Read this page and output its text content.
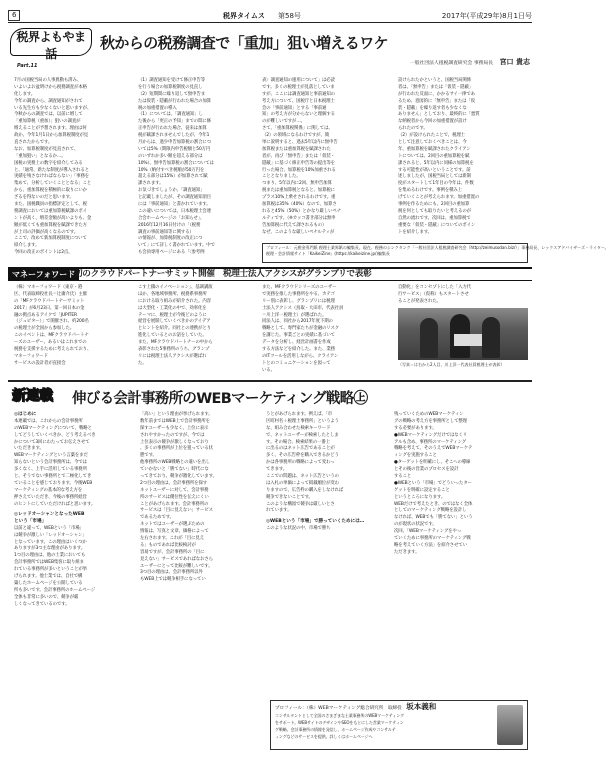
6	税界タイムス 第58号	2017年(平成29年)8月1日号
税界よもやま話
Part.11
秋からの税務調査で「重加」狙い増えるワケ
一般社団法人租税調査研究会 事務局長 宮口 貴志
7月の国税当局の人事異動も済み、
いよいよお盆明けから税務調査が本格
化します。
今年の調査から、調査通知がされて
いる先生方も少なくないと思いますが、
今秋からの調査では、以前に増して
「重加算税（重加）」狙いの調査が
増えることが予想されます。理由は何
故か。今年1月1日から加算税制度が見
直されたからです。
なお、加算税制度が見直されて、
「重加狙い」となるか…。
国税の実務上の数字を紹介してみる
と、「通常、新たな制度が導入されると
実績を残さなければならない」「事務を
集めて、分析していくこととなる」こと
から、重加算税を積極的に取りにいか
ざるを得ないのだと思います。
また、国税職員の指標評定として、税
務調査においては重加算税賦課のポイ
ントが高く、増差金額が高いよりも、金
額が低くても重加算税を賦課できた方
が上司の評価が高くなるのです。
ここで、改めて新加算税制度について
紹介します。
今回の改正のポイントは2点。
（1）調査通知を受けて修正申告等
を行う場合の加算税制度の見直し
（2）短期間に繰り返して無申告ま
たは仮装・隠蔽が行われた場合の加算
税の加重措置の導入
（1）については、「調査通知」し
た後から「更正の予知」までの間に修
正申告が行われた場合、従来は加算
税が賦課されませんでしたが、今年1
月からは、過少申告加算税の割合につ
いては5%（期限内申告税額と50万円
のいずれか多い額を超える部分は
10%）、無申告加算税の割合については
10%（納付すべき税額が50万円を
超える部分は15%）が加算されて賦
課されます。
お気づきでしょうか。「調査通知」
と記載しましたが、その調査通知項目
には「事前通知」と書かれています。
この違いについては、日本税理士会連
合会ホームページの「お知らせ」、
2016年12月16日付けの「（税務
調査の事前通知等に関する）
の情報が、加算税制度の改正につ
いて」にて詳しく書かれています。中で
も会員専用ページにある「〈参考例
表〉調査通知の運用について」は必読
です。多くの税理士が見落としていま
すが、ここには調査通知と事前通知の
考え方について、国税庁と日本税理士
会の「事前通知」とする「事前通
知」の考え方が分からないと理解する
のが難しいですが…。
さて、「重加算税関係」に関しては、
（2）の領域になるわけですが、簡
単に説明すると、過去5年以内に無申告
加算税または重加算税を賦課された
者が、再び「無申告」または「仮装・
隠蔽」に基づく修正申告等の提出等を
行った場合、加算税を10%加重される
こととなりました。
つまり、5年以内に2回、無申告加算
税または重加算税となると、加算税に
プラス10%上乗せされるわけです。重
加算税は35%（40%）なので、加算さ
れると45%（50%）とかなり厳しいペナ
ルティです。（※カッコ書き部分は無申
告加算税に代えて課されるもの）
なぜ、このような厳しいペナルティが
設けられたかというと、国税当局関係
者は、「無申告」または「仮装・隠蔽」
が行われた反面に、かかるサイ一律であ
るため、意図的に「無申告」または「仮
装・隠蔽」を繰り返す者も少なくな
ありません」としており、最終的に「悪質
な納税者から今回の加重措置が設け
られたのです。
（2）が設けられたことで、税理士
として注意しておくべきことは、今
年、重加算税を賦課されたクライアン
トについては、2回目の重加算税を賦
課されると、5年以内に同様の加算税を
する可能性が高いということです。前
述しましたが、国税当局としては新制
度がスタートして1年目の今年は、件数
を集めるわけです。事例を積み上
げていくことが考えられます。加重措置の
事例を作るためにも、2回目の重加算
税を何としても取りたいと考えるのが
自然の流れです。次回は、重加算税で
重要な「仮装・隠蔽」についてのポイン
トを紹介します。
プロフィール：元税金専門紙 税理士業界紙の編集長。現在、税務のシンクタンク「一般社団法人租税調査研究会（http://zeimusodan.biz/）」事務局長、レックスアドバイザーズ・ライター。
税理・会計情報サイト「KaikeiZine」(https://kaikeizine.jp/)編集長
マネーフォワード
初のクラウドパートナーサミット開催　税理士法人アクシスがグランプリで表彰
（株）マネーフォワード（東京・港
区、代表取締役社長＝辻庸介氏）主催
の「MFクラウドパートナーサミット
2017」が6月23日、第一回日本の金
融の拠点あるアイクで「JUPITER
（ジュピター）」で開催され、約200名
の税理士が全国から参加した。
このイベントは、MFクラウドパートナ
ーズのユーザー、あるいはこれまでの
税務を支援するために考えられており、
マネーフォワード
サービスの設計者が直接会
こす上鎖のイノベーション」、基調講演
ほか、各地域事務所、税務系事務所
における取り組みが紹介された。内容
は大型化・工業化の中で、効率化を
テーマに、税理士が今後どのように
経営を展開していくべきかのアイデア
とヒントを紹介。同社との連携がとり
進化しているとのお話をしていた。
また、MFクラウドパートナーの中から
表彰された5事務所のうち、グランプ
リには税理士法人アクシスが選ばれ
た。
また、MFクラウドシリーズのユーザー
で実務を推した事務所をやる、カテゴ
リー別に表彰し、グランプリには税理
士法人アクシス（鳥取・大田市、代表社員
＝川上洋一税理士）が選ばれた。
同法人は、同社から2017年度下期の
戦略として、専門家たちが金融のリスク
を講じた。事業ごとの実績に基づいて
データを分析し、経営計画書を作成
する方法などを紹介した。また、業務
のITツールを活用しながら、クライアン
トとのコミュニケーションを図って
いる。
自動化」をコンセプトにした「入力代
行サービス」（仮称）もスタートさせ
ることが発表された。
（写真＝は右から2人目、川上洋一代表社員税理士が表彰）
新連載 伸びる会計事務所のWEBマーケティング戦略㊤
◎はじめに
本連載では、これからの会計事務所
のWEBマーケティングについて、戦略と
してどうしていくべきか、どう考えるべき
かについて3回にわたってお伝えさせて
いただきます。
WEBマーケティングという言葉をまだ
知らないという会計事務所は、今では
多くなく、上手に活用している事務所
と、そうでない事務所とで二極化してき
ていることを感じております。今後WEB
マーケティングの基本的な考え方を
押さえていただき、今後の事務所経営
のヒントにしていただければと思います。
◎レッドオーシャンとなったWEB
という「市場」
以前と違って、WEBという「市場」
は競争が激しい「レッドオーシャン」
となっています。この理由はいくつか
ありますが3つ主な理由があります。
1つ目の理由は、他の士業においても
会計事務所ではWEB集客に取り組ま
れている事務所が多いということが挙
げられます。他士業では、自社で構
築したホームページを公開している
所も多いです。会計事務所のホームページ
全体も非常に多いので、競争が厳
しくなってきているのです。
「高い」という理由が挙げられます。
数年前まではWEB上で会計事務所を
探すユーザーも少なく、上位に表示
されやすかったのですが、今では
上位表示の競争が激しくなっており
、多くの事務所が上位を狙っている状
態です。
他事務所のWEB戦略との違いを出し
ていかないと「勝てない」時代にな
ってきており、競争が激化しています。
2つ目の理由は、会計事務所を探す
ネットユーザーに対して、会計事務
所のサービスは優位性を伝えにくい
ことがあげられます。会計事務所の
サービスは「目に見えない」サービス
であるためです。
ネットではユーザーが選ぶための
情報は、写真と文章、価格によって
左右されます。これが「目に見え
る」ものであれば比較検討が
容易ですが、会計事務所の「目に
見えない」サービスであればなおさら
ユーザーにとって比較が難しいです。
3つ目の理由は、会計事務所以外
もWEB上では競争相手になってい
うとがあげられます。例えば、「市
区町村名＋税理士事務所」というよう
な、組み合わせた検索キーワード
で、ネットユーザーが検索したとしま
す。その場合、検索結果の一番上
に出るのはネット広告であることが
多く、その広告枠を購入できるかどう
かは各事務所の戦略によって変わっ
てきます。
ここでの問題は、ネット広告というの
は入札の単価によって掲載順位が変わ
りますので、広告枠の購入をしなければ
競争できないことです。
このような構図で競争は厳しいとさ
れています。
◎WEBという「市場」で勝っていくためには…
このような状況の中、市場で勝ち
残っていくためのWEBマーケティン
グの戦略の考え方を事務所として整理
する必要があります。
●WEBマーケティングだけではなくリ
アルも含め、事務所のマーケティング
戦略を考えて、そのうえでWEBマーケテ
ィングを実施すること
●ターゲットを明確にし、そこへの導線
とその後の営業のプロセスを設計
すること
●WEBという「市場」でどういったター
ゲットを明確に設定すること
というところになります。
WEBだけで考えたとき、のではなく全体
としてのマーケティング戦略を設計し
なければ、WEBでも「勝てない」という
のが現状の状況です。
次回、「WEBマーケティングをやっ
ていくために事務所のマーケティング戦
略を考えていく方法」を紹介させてい
ただきます。
プロフィール：（株）WEBマーケティング総合研究所　取締役 坂本義和
コンサルタントとして全国のさまざまな士業事務所のWEBマーケティング
をサポート。WEBサイトのデザインやSEOをもとにした営業マーケティン
グ戦略、会計事務所の情報を発信し、ホームページ作成やコンサルテ
ィングなどのサービスを提供。詳しくはホームページへ
